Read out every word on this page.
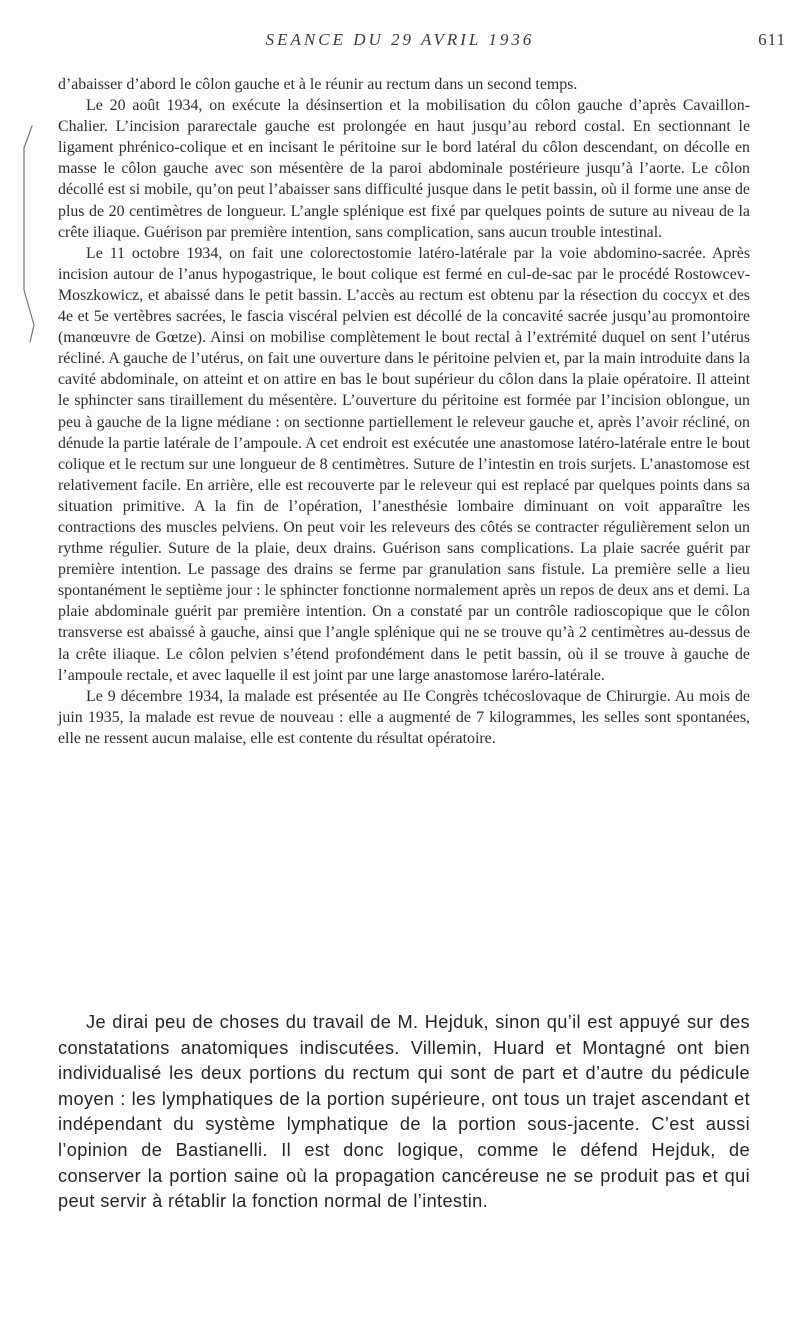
SEANCE DU 29 AVRIL 1936	611

d’abaisser d’abord le côlon gauche et à le réunir au rectum dans un second temps.

Le 20 août 1934, on exécute la désinsertion et la mobilisation du côlon gauche d’après Cavaillon-Chalier. L’incision pararectale gauche est prolongée en haut jusqu’au rebord costal. En sectionnant le ligament phrénico-colique et en incisant le péritoine sur le bord latéral du côlon descendant, on décolle en masse le côlon gauche avec son mésentère de la paroi abdominale postérieure jusqu’à l’aorte. Le côlon décollé est si mobile, qu’on peut l’abaisser sans difficulté jusque dans le petit bassin, où il forme une anse de plus de 20 centimètres de longueur. L’angle splénique est fixé par quelques points de suture au niveau de la crête iliaque. Guérison par première intention, sans complication, sans aucun trouble intestinal.

Le 11 octobre 1934, on fait une colorectostomie latéro-latérale par la voie abdomino-sacrée. Après incision autour de l’anus hypogastrique, le bout colique est fermé en cul-de-sac par le procédé Rostowcev-Moszkowicz, et abaissé dans le petit bassin. L’accès au rectum est obtenu par la résection du coccyx et des 4e et 5e vertèbres sacrées, le fascia viscéral pelvien est décollé de la concavité sacrée jusqu’au promontoire (manœuvre de Gœtze). Ainsi on mobilise complètement le bout rectal à l’extrémité duquel on sent l’utérus récliné. A gauche de l’utérus, on fait une ouverture dans le péritoine pelvien et, par la main introduite dans la cavité abdominale, on atteint et on attire en bas le bout supérieur du côlon dans la plaie opératoire. Il atteint le sphincter sans tiraillement du mésentère. L’ouverture du péritoine est formée par l’incision oblongue, un peu à gauche de la ligne médiane : on sectionne partiellement le releveur gauche et, après l’avoir récliné, on dénude la partie latérale de l’ampoule. A cet endroit est exécutée une anastomose latéro-latérale entre le bout colique et le rectum sur une longueur de 8 centimètres. Suture de l’intestin en trois surjets. L’anastomose est relativement facile. En arrière, elle est recouverte par le releveur qui est replacé par quelques points dans sa situation primitive. A la fin de l’opération, l’anesthésie lombaire diminuant on voit apparaître les contractions des muscles pelviens. On peut voir les releveurs des côtés se contracter régulièrement selon un rythme régulier. Suture de la plaie, deux drains. Guérison sans complications. La plaie sacrée guérit par première intention. Le passage des drains se ferme par granulation sans fistule. La première selle a lieu spontanément le septième jour : le sphincter fonctionne normalement après un repos de deux ans et demi. La plaie abdominale guérit par première intention. On a constaté par un contrôle radioscopique que le côlon transverse est abaissé à gauche, ainsi que l’angle splénique qui ne se trouve qu’à 2 centimètres au-dessus de la crête iliaque. Le côlon pelvien s’étend profondément dans le petit bassin, où il se trouve à gauche de l’ampoule rectale, et avec laquelle il est joint par une large anastomose laréro-latérale.

Le 9 décembre 1934, la malade est présentée au IIe Congrès tchécoslovaque de Chirurgie. Au mois de juin 1935, la malade est revue de nouveau : elle a augmenté de 7 kilogrammes, les selles sont spontanées, elle ne ressent aucun malaise, elle est contente du résultat opératoire.

Je dirai peu de choses du travail de M. Hejduk, sinon qu’il est appuyé sur des constatations anatomiques indiscutées. Villemin, Huard et Montagné ont bien individualisé les deux portions du rectum qui sont de part et d’autre du pédicule moyen : les lymphatiques de la portion supérieure, ont tous un trajet ascendant et indépendant du système lymphatique de la portion sous-jacente. C’est aussi l’opinion de Bastianelli. Il est donc logique, comme le défend Hejduk, de conserver la portion saine où la propagation cancéreuse ne se produit pas et qui peut servir à rétablir la fonction normal de l’intestin.
